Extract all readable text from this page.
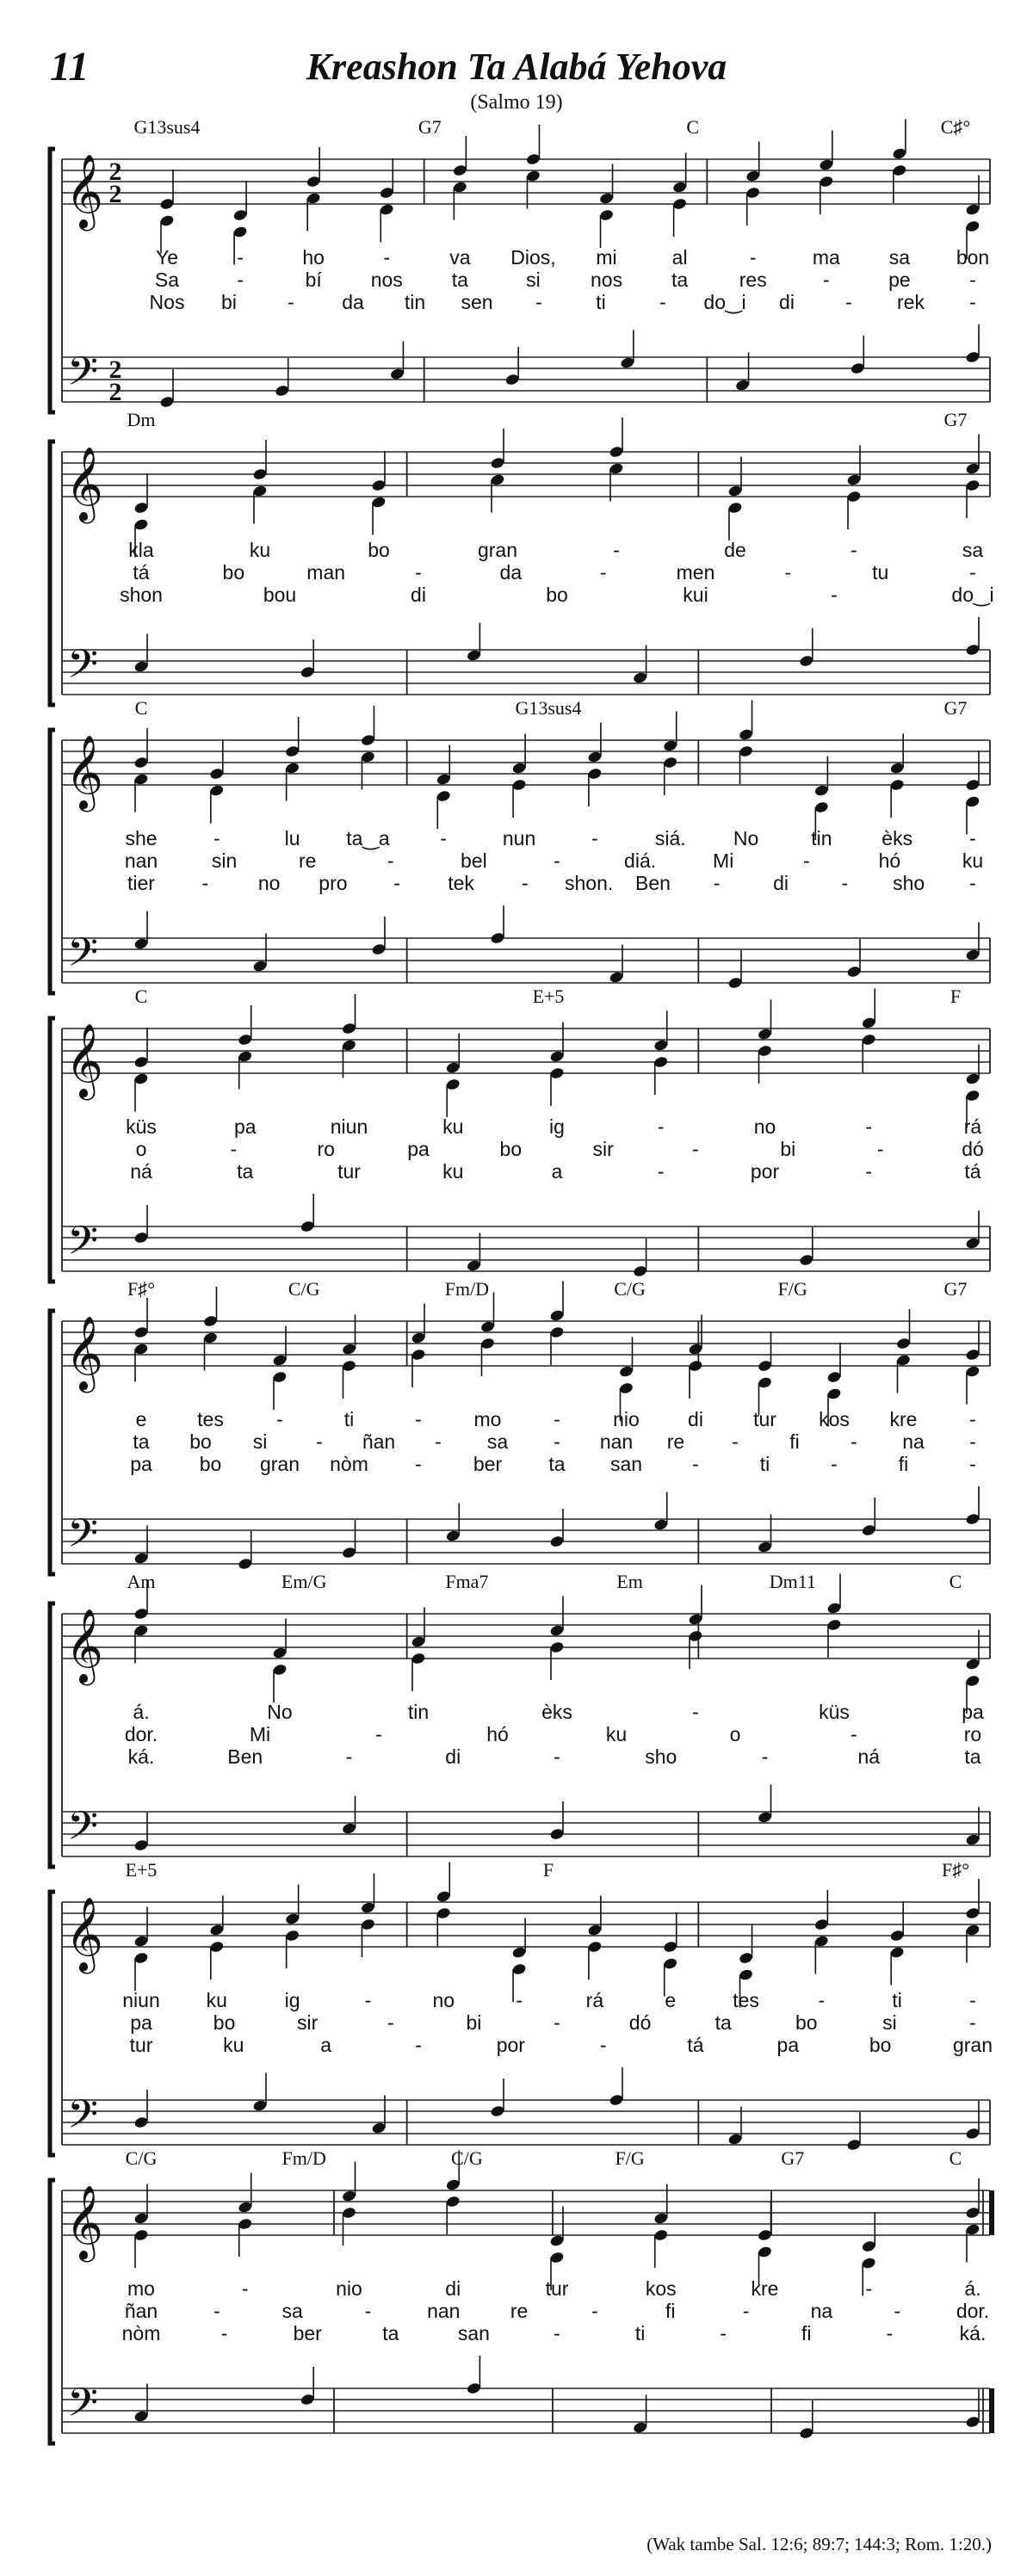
11	Kreashon Ta Alabá Yehova
(Salmo 19)
𝄞
𝄢
2
2
2
2
G13sus4	G7	C	C♯°
Ye	-	ho	-	va Dios, mi	al	-	ma sa bon
Sa	-	bí nos ta	si	nos ta	res	-	pe	-
Nos bi	- da tin sen -	ti	- do‿i di	- rek -
𝄞
𝄢
Dm	G7
kla	ku	bo	gran	-	de	-	sa
tá	bo	man	-	da	-	men	-	tu	-
shon	bou	di	bo	kui	-	do‿i
𝄞
𝄢
C	G13sus4	G7
she	-	lu ta‿a	-	nun	-	siá. No	tin	èks	-
nan	sin	re	-	bel	-	diá.	Mi	-	hó	ku
tier -	no pro - tek - shon. Ben -	di	- sho -
𝄞
𝄢
C	E+5	F
küs	pa	niun	ku	ig	-	no	-	rá
o	-	ro	pa	bo	sir	-	bi	-	dó
ná	ta	tur	ku	a	-	por	-	tá
𝄞
𝄢
F♯°	C/G	Fm/D	C/G	F/G	G7
e	tes	-	ti	-	mo	-	nio di	tur kos kre	-
ta bo si - ñan - sa - nan re -	fi	- na -
pa bo gran nòm -	ber ta san	-	ti	-	fi	-
𝄞
𝄢
Am	Em/G	Fma7	Em	Dm11	C
á.	No	tin	èks	-	küs	pa
dor.	Mi	-	hó	ku	o	-	ro
ká.	Ben	-	di	-	sho	-	ná	ta
𝄞
𝄢
E+5	F	F♯°
niun ku	ig	-	no	-	rá	e	tes	-	ti	-
pa	bo	sir	-	bi	-	dó	ta	bo	si	-
tur	ku	a	-	por	-	tá	pa	bo	gran
𝄞
𝄢
C/G	Fm/D	C/G	F/G	G7	C
mo	-	nio	di	tur	kos	kre	-	á.
ñan	-	sa	-	nan	re	-	fi	-	na	-	dor.
nòm	-	ber	ta	san	-	ti	-	fi	-	ká.
(Wak tambe Sal. 12:6; 89:7; 144:3; Rom. 1:20.)
